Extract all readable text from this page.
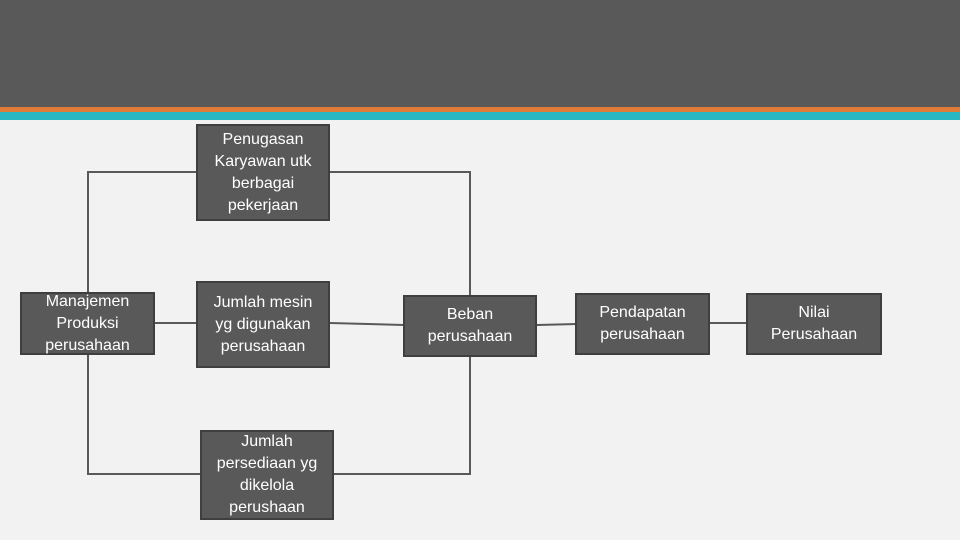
Manajemen
Produksi
perusahaan
Penugasan
Karyawan utk
berbagai
pekerjaan
Jumlah mesin
yg digunakan
perusahaan
Jumlah
persediaan yg
dikelola
perushaan
Beban
perusahaan
Pendapatan
perusahaan
Nilai
Perusahaan
